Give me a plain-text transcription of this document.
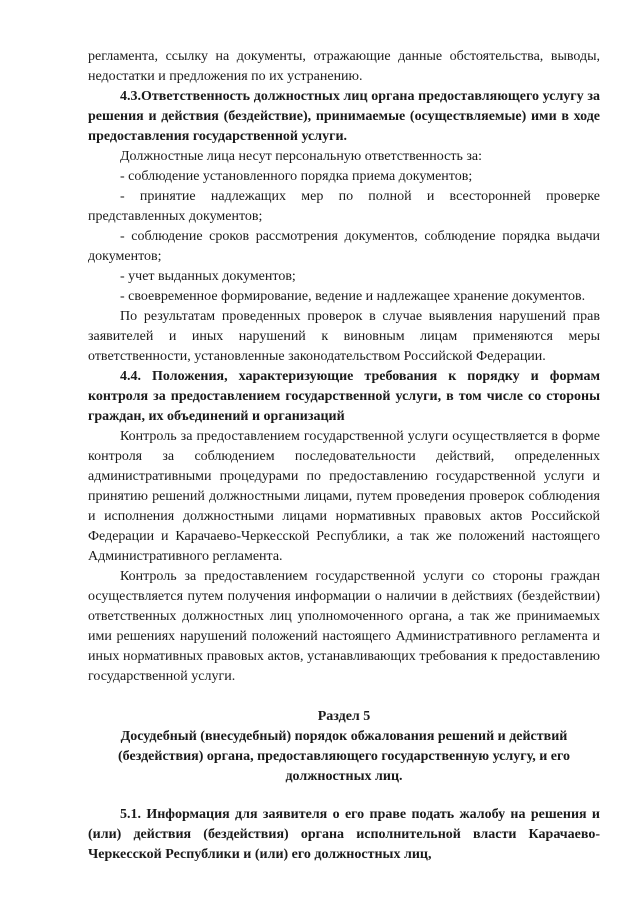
регламента, ссылку на документы, отражающие данные обстоятельства, выводы, недостатки и предложения по их устранению.

4.3.Ответственность должностных лиц органа предоставляющего услугу за решения и действия (бездействие), принимаемые (осуществляемые) ими в ходе предоставления государственной услуги.

Должностные лица несут персональную ответственность за:

- соблюдение установленного порядка приема документов;

- принятие надлежащих мер по полной и всесторонней проверке представленных документов;

- соблюдение сроков рассмотрения документов, соблюдение порядка выдачи документов;

- учет выданных документов;

- своевременное формирование, ведение и надлежащее хранение документов.

По результатам проведенных проверок в случае выявления нарушений прав заявителей и иных нарушений к виновным лицам применяются меры ответственности, установленные законодательством Российской Федерации.

4.4. Положения, характеризующие требования к порядку и формам контроля за предоставлением государственной услуги, в том числе со стороны граждан, их объединений и организаций

Контроль за предоставлением государственной услуги осуществляется в форме контроля за соблюдением последовательности действий, определенных административными процедурами по предоставлению государственной услуги и принятию решений должностными лицами, путем проведения проверок соблюдения и исполнения должностными лицами нормативных правовых актов Российской Федерации и Карачаево-Черкесской Республики, а так же положений настоящего Административного регламента.

Контроль за предоставлением государственной услуги со стороны граждан осуществляется путем получения информации о наличии в действиях (бездействии) ответственных должностных лиц уполномоченного органа, а так же принимаемых ими решениях нарушений положений настоящего Административного регламента и иных нормативных правовых актов, устанавливающих требования к предоставлению государственной услуги.

Раздел 5

Досудебный (внесудебный) порядок обжалования решений и действий (бездействия) органа, предоставляющего государственную услугу, и его должностных лиц.

5.1. Информация для заявителя о его праве подать жалобу на решения и (или) действия (бездействия) органа исполнительной власти Карачаево-Черкесской Республики и (или) его должностных лиц,
